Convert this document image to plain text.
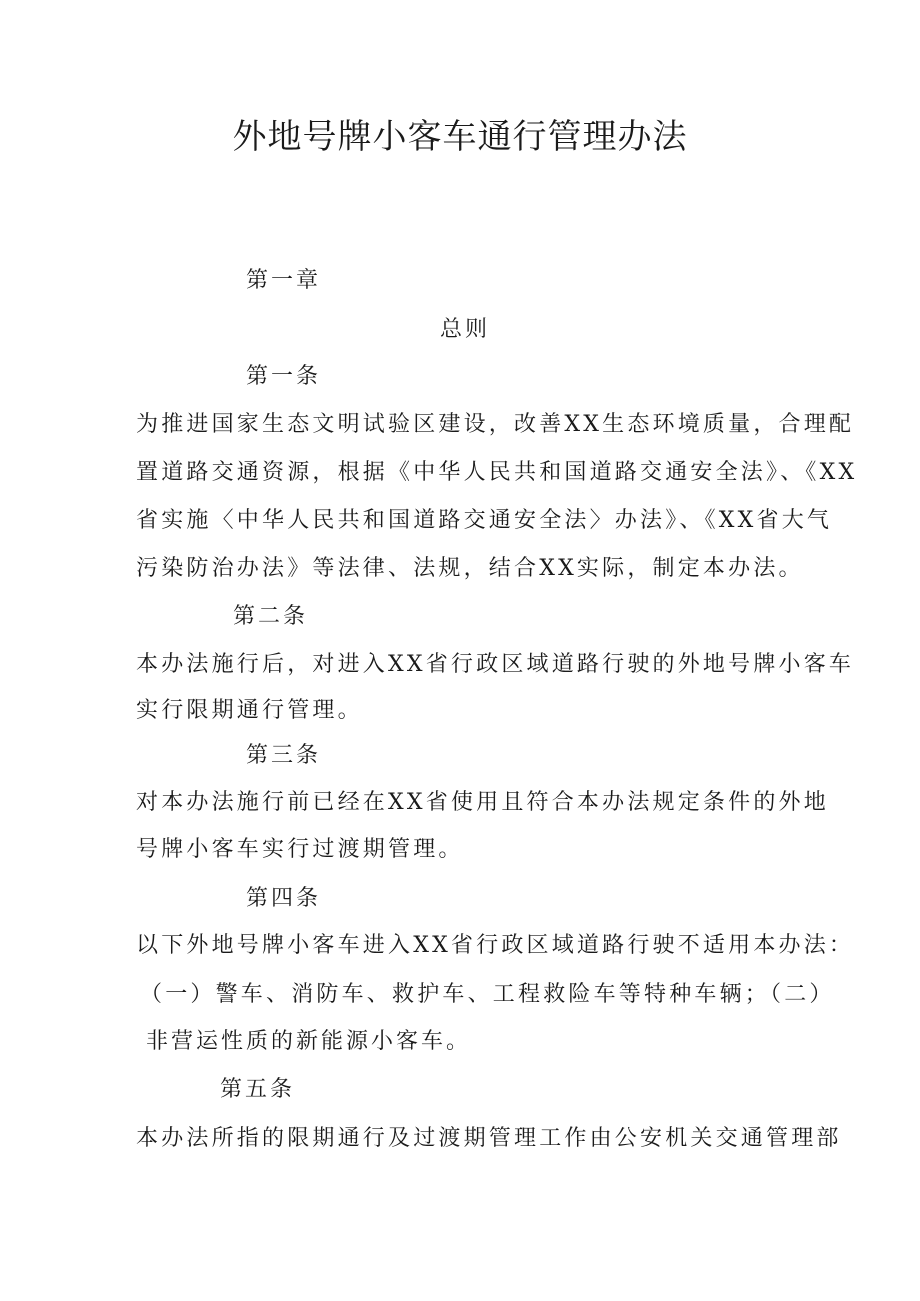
外地号牌小客车通行管理办法
第一章
总则
第一条
为推进国家生态文明试验区建设，改善XX生态环境质量，合理配
置道路交通资源，根据《中华人民共和国道路交通安全法》、《XX
省实施〈中华人民共和国道路交通安全法〉办法》、《XX省大气
污染防治办法》等法律、法规，结合XX实际，制定本办法。
第二条
本办法施行后，对进入XX省行政区域道路行驶的外地号牌小客车
实行限期通行管理。
第三条
对本办法施行前已经在XX省使用且符合本办法规定条件的外地
号牌小客车实行过渡期管理。
第四条
以下外地号牌小客车进入XX省行政区域道路行驶不适用本办法：
（一）警车、消防车、救护车、工程救险车等特种车辆；（二）
非营运性质的新能源小客车。
第五条
本办法所指的限期通行及过渡期管理工作由公安机关交通管理部
